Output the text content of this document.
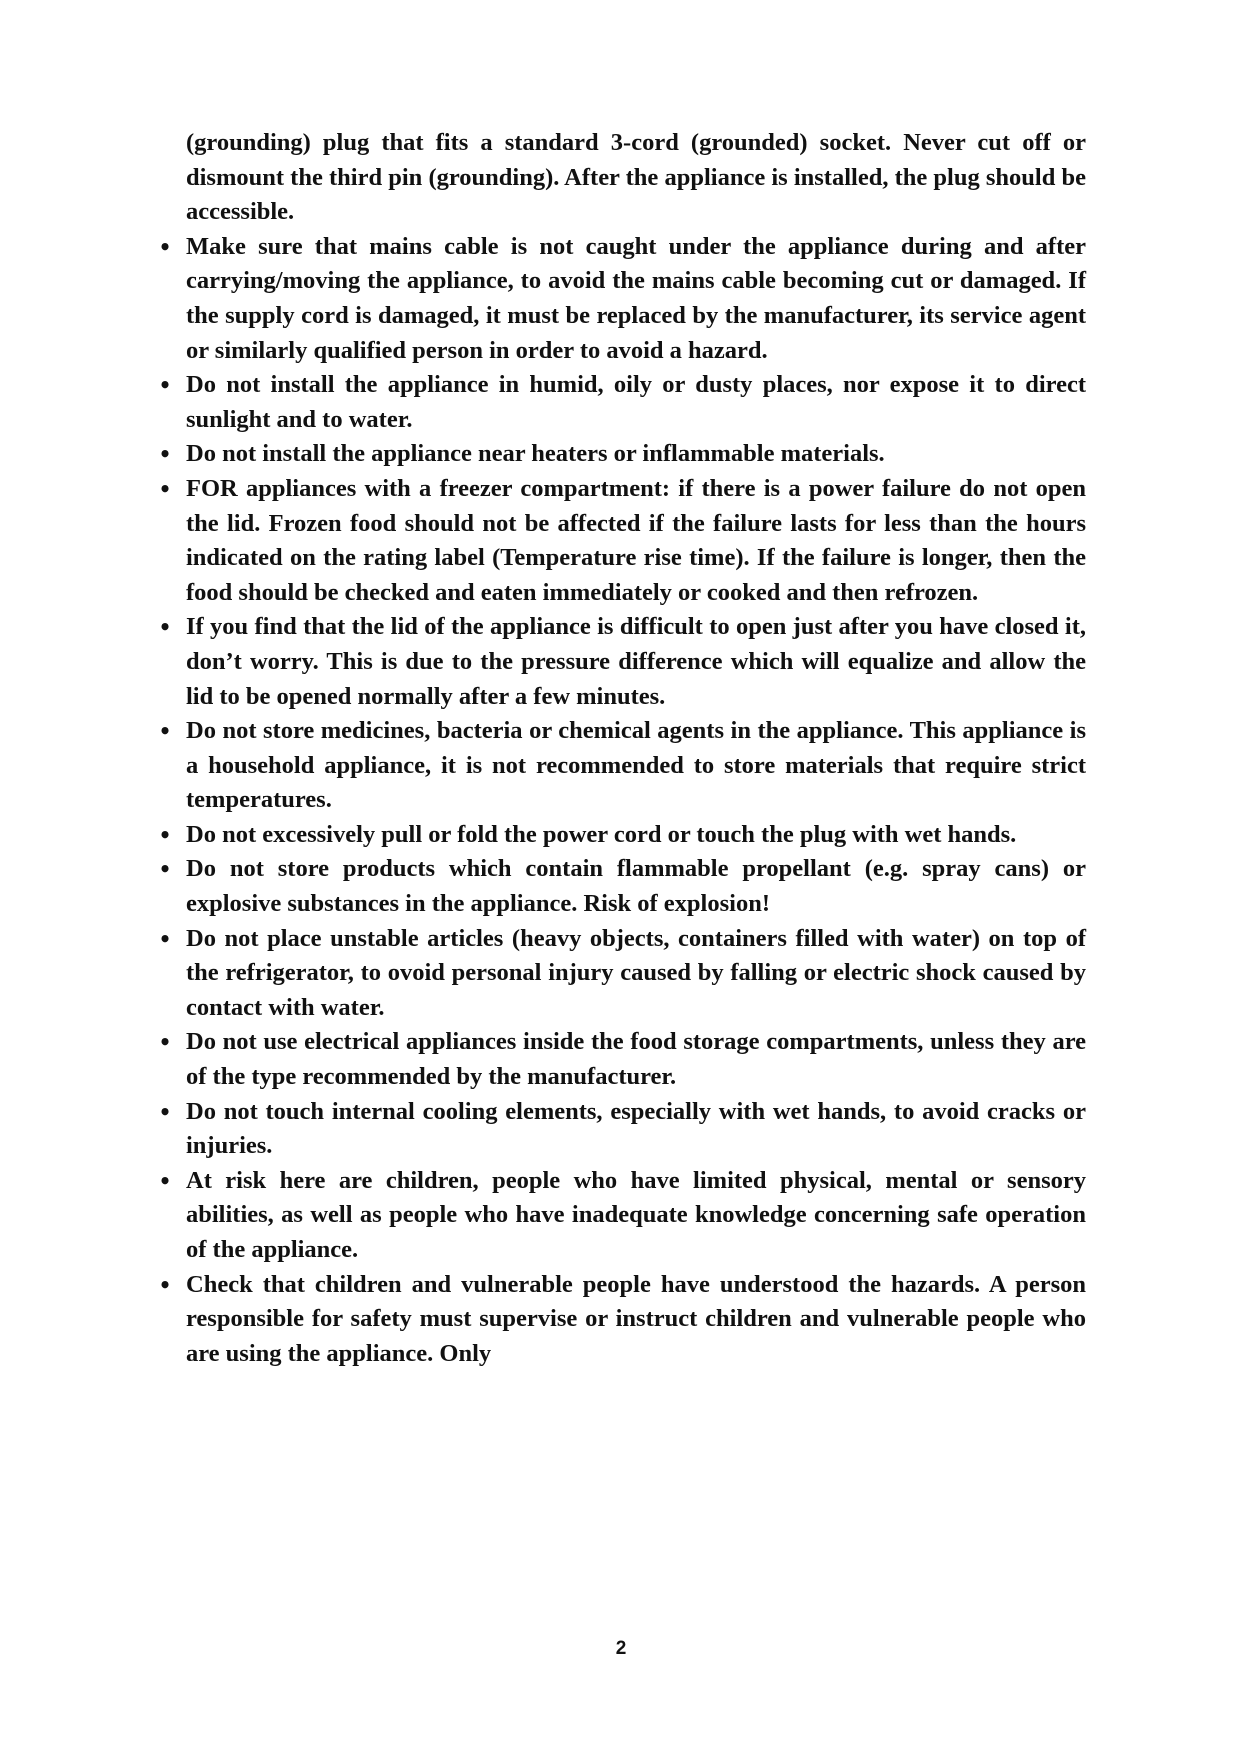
(grounding) plug that fits a standard 3-cord (grounded) socket. Never cut off or dismount the third pin (grounding). After the appliance is installed, the plug should be accessible.

• Make sure that mains cable is not caught under the appliance during and after carrying/moving the appliance, to avoid the mains cable becoming cut or damaged. If the supply cord is damaged, it must be replaced by the manufacturer, its service agent or similarly qualified person in order to avoid a hazard.
• Do not install the appliance in humid, oily or dusty places, nor expose it to direct sunlight and to water.
• Do not install the appliance near heaters or inflammable materials.
• FOR appliances with a freezer compartment: if there is a power failure do not open the lid. Frozen food should not be affected if the failure lasts for less than the hours indicated on the rating label (Temperature rise time). If the failure is longer, then the food should be checked and eaten immediately or cooked and then refrozen.
• If you find that the lid of the appliance is difficult to open just after you have closed it, don’t worry. This is due to the pressure difference which will equalize and allow the lid to be opened normally after a few minutes.
• Do not store medicines, bacteria or chemical agents in the appliance. This appliance is a household appliance, it is not recommended to store materials that require strict temperatures.
• Do not excessively pull or fold the power cord or touch the plug with wet hands.
• Do not store products which contain flammable propellant (e.g. spray cans) or explosive substances in the appliance. Risk of explosion!
• Do not place unstable articles (heavy objects, containers filled with water) on top of the refrigerator, to ovoid personal injury caused by falling or electric shock caused by contact with water.
• Do not use electrical appliances inside the food storage compartments, unless they are of the type recommended by the manufacturer.
• Do not touch internal cooling elements, especially with wet hands, to avoid cracks or injuries.
• At risk here are children, people who have limited physical, mental or sensory abilities, as well as people who have inadequate knowledge concerning safe operation of the appliance.
• Check that children and vulnerable people have understood the hazards. A person responsible for safety must supervise or instruct children and vulnerable people who are using the appliance. Only
2
